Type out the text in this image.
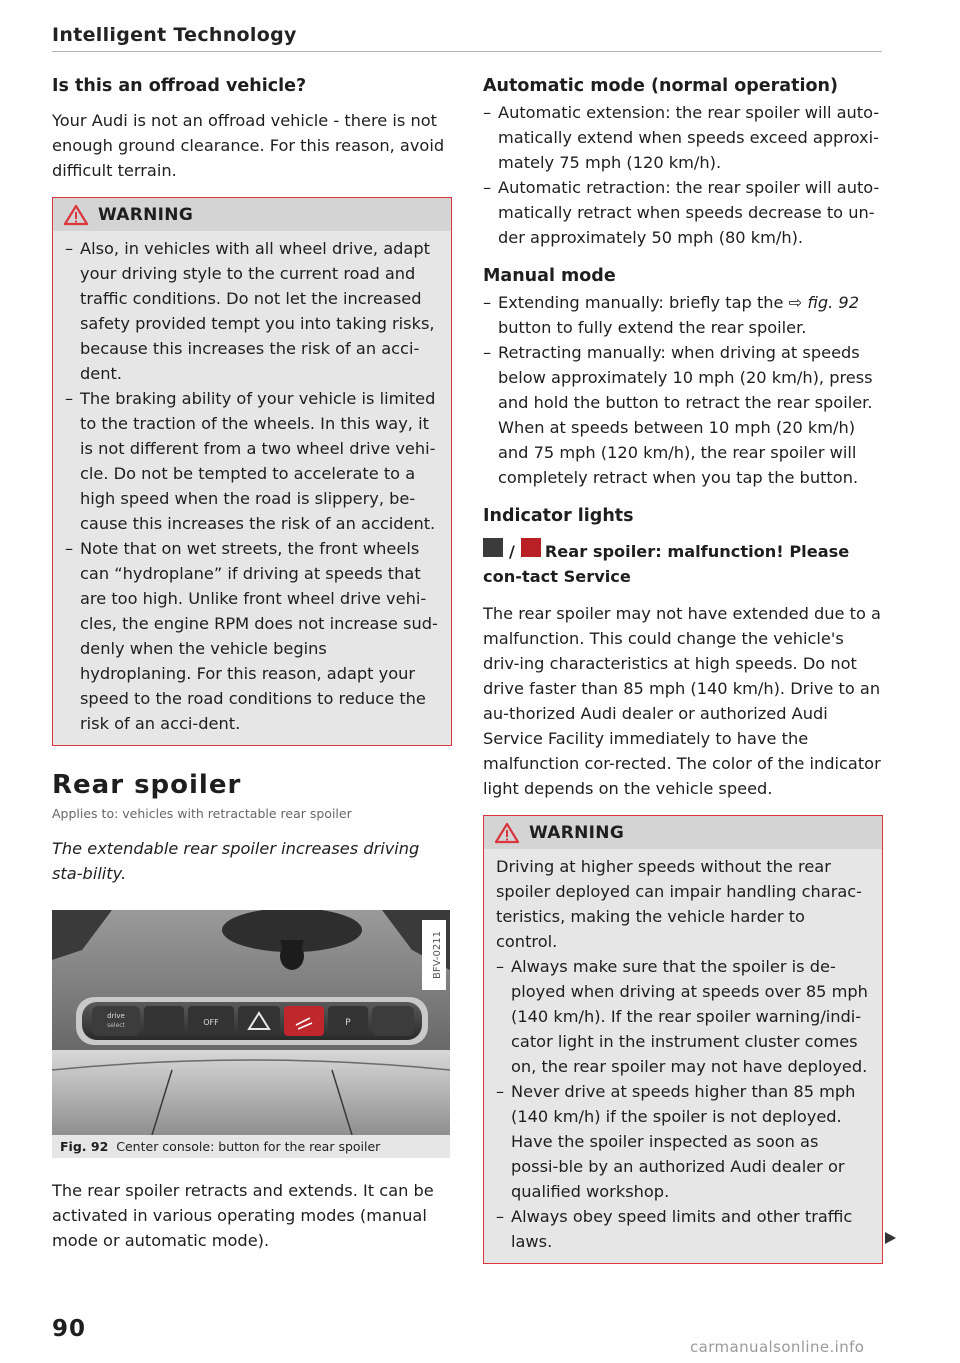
Intelligent Technology
Is this an offroad vehicle?

Your Audi is not an offroad vehicle - there is not enough ground clearance. For this reason, avoid difficult terrain.

WARNING
– Also, in vehicles with all wheel drive, adapt your driving style to the current road and traffic conditions. Do not let the increased safety provided tempt you into taking risks, because this increases the risk of an acci-dent.
– The braking ability of your vehicle is limited to the traction of the wheels. In this way, it is not different from a two wheel drive vehi-cle. Do not be tempted to accelerate to a high speed when the road is slippery, be-cause this increases the risk of an accident.
– Note that on wet streets, the front wheels can “hydroplane” if driving at speeds that are too high. Unlike front wheel drive vehi-cles, the engine RPM does not increase sud-denly when the vehicle begins hydroplaning. For this reason, adapt your speed to the road conditions to reduce the risk of an acci-dent.
Rear spoiler
Applies to: vehicles with retractable rear spoiler
The extendable rear spoiler increases driving sta-bility.
drive
select	OFF	P
BFV-0211
Fig. 92 Center console: button for the rear spoiler

The rear spoiler retracts and extends. It can be activated in various operating modes (manual mode or automatic mode).

Automatic mode (normal operation)
– Automatic extension: the rear spoiler will auto-matically extend when speeds exceed approxi-mately 75 mph (120 km/h).
– Automatic retraction: the rear spoiler will auto-matically retract when speeds decrease to un-der approximately 50 mph (80 km/h).
Manual mode
– Extending manually: briefly tap the ⇨ fig. 92 button to fully extend the rear spoiler.
– Retracting manually: when driving at speeds below approximately 10 mph (20 km/h), press and hold the button to retract the rear spoiler. When at speeds between 10 mph (20 km/h) and 75 mph (120 km/h), the rear spoiler will completely retract when you tap the button.
Indicator lights
/ Rear spoiler: malfunction! Please con-tact Service

The rear spoiler may not have extended due to a malfunction. This could change the vehicle's driv-ing characteristics at high speeds. Do not drive faster than 85 mph (140 km/h). Drive to an au-thorized Audi dealer or authorized Audi Service Facility immediately to have the malfunction cor-rected. The color of the indicator light depends on the vehicle speed.

WARNING

Driving at higher speeds without the rear spoiler deployed can impair handling charac-teristics, making the vehicle harder to control.

– Always make sure that the spoiler is de-ployed when driving at speeds over 85 mph (140 km/h). If the rear spoiler warning/indi-cator light in the instrument cluster comes on, the rear spoiler may not have deployed.
– Never drive at speeds higher than 85 mph (140 km/h) if the spoiler is not deployed. Have the spoiler inspected as soon as possi-ble by an authorized Audi dealer or qualified workshop.
– Always obey speed limits and other traffic laws.
90
carmanualsonline.info
